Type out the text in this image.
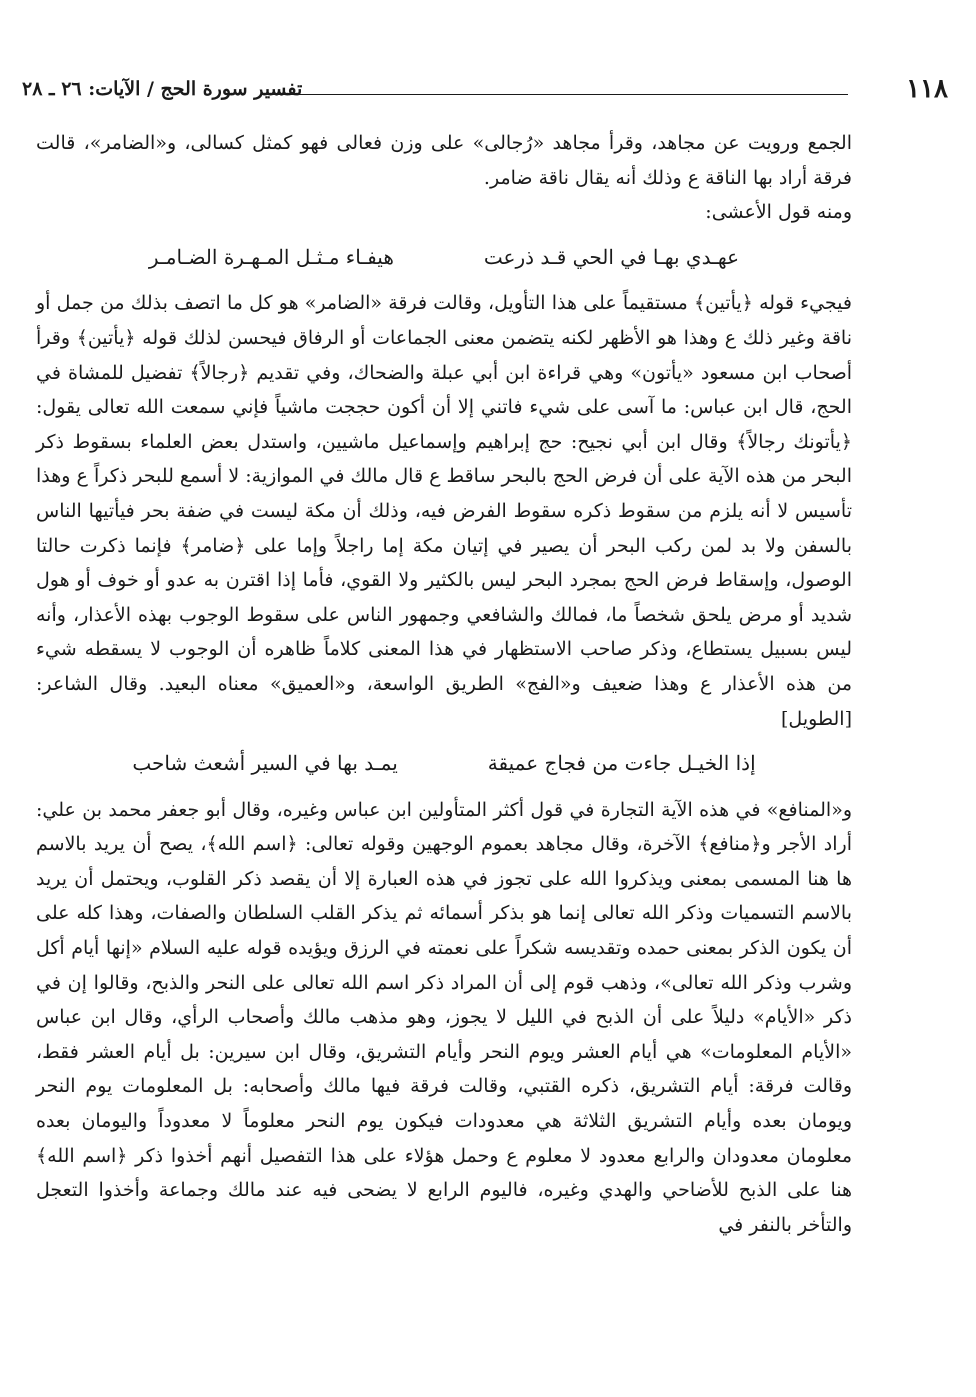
١١٨
تفسير سورة الحج / الآيات: ٢٦ ـ ٢٨

الجمع ورويت عن مجاهد، وقرأ مجاهد «رُجالى» على وزن فعالى فهو كمثل كسالى، و«الضامر»، قالت فرقة أراد بها الناقة ع وذلك أنه يقال ناقة ضامر.

ومنه قول الأعشى:

عهـدي بهـا في الحي قـد ذرعت
هيفـاء مـثـل المـهـرة الضـامـر

فيجيء قوله ﴿يأتين﴾ مستقيماً على هذا التأويل، وقالت فرقة «الضامر» هو كل ما اتصف بذلك من جمل أو ناقة وغير ذلك ع وهذا هو الأظهر لكنه يتضمن معنى الجماعات أو الرفاق فيحسن لذلك قوله ﴿يأتين﴾ وقرأ أصحاب ابن مسعود «يأتون» وهي قراءة ابن أبي عبلة والضحاك، وفي تقديم ﴿رجالاً﴾ تفضيل للمشاة في الحج، قال ابن عباس: ما آسى على شيء فاتني إلا أن أكون حججت ماشياً فإني سمعت الله تعالى يقول: ﴿يأتونك رجالاً﴾ وقال ابن أبي نجيح: حج إبراهيم وإسماعيل ماشيين، واستدل بعض العلماء بسقوط ذكر البحر من هذه الآية على أن فرض الحج بالبحر ساقط ع قال مالك في الموازية: لا أسمع للبحر ذكراً ع وهذا تأسيس لا أنه يلزم من سقوط ذكره سقوط الفرض فيه، وذلك أن مكة ليست في ضفة بحر فيأتيها الناس بالسفن ولا بد لمن ركب البحر أن يصير في إتيان مكة إما راجلاً وإما على ﴿ضامر﴾ فإنما ذكرت حالتا الوصول، وإسقاط فرض الحج بمجرد البحر ليس بالكثير ولا القوي، فأما إذا اقترن به عدو أو خوف أو هول شديد أو مرض يلحق شخصاً ما، فمالك والشافعي وجمهور الناس على سقوط الوجوب بهذه الأعذار، وأنه ليس بسبيل يستطاع، وذكر صاحب الاستظهار في هذا المعنى كلاماً ظاهره أن الوجوب لا يسقطه شيء من هذه الأعذار ع وهذا ضعيف و«الفج» الطريق الواسعة، و«العميق» معناه البعيد. وقال الشاعر: [الطويل]

إذا الخيـل جاءت من فجاج عميقة
يمـد بها في السير أشعث شاحب

و«المنافع» في هذه الآية التجارة في قول أكثر المتأولين ابن عباس وغيره، وقال أبو جعفر محمد بن علي: أراد الأجر و﴿منافع﴾ الآخرة، وقال مجاهد بعموم الوجهين وقوله تعالى: ﴿اسم الله﴾، يصح أن يريد بالاسم ها هنا المسمى بمعنى ويذكروا الله على تجوز في هذه العبارة إلا أن يقصد ذكر القلوب، ويحتمل أن يريد بالاسم التسميات وذكر الله تعالى إنما هو بذكر أسمائه ثم يذكر القلب السلطان والصفات، وهذا كله على أن يكون الذكر بمعنى حمده وتقديسه شكراً على نعمته في الرزق ويؤيده قوله عليه السلام «إنها أيام أكل وشرب وذكر الله تعالى»، وذهب قوم إلى أن المراد ذكر اسم الله تعالى على النحر والذبح، وقالوا إن في ذكر «الأيام» دليلاً على أن الذبح في الليل لا يجوز، وهو مذهب مالك وأصحاب الرأي، وقال ابن عباس «الأيام المعلومات» هي أيام العشر ويوم النحر وأيام التشريق، وقال ابن سيرين: بل أيام العشر فقط، وقالت فرقة: أيام التشريق، ذكره القتبي، وقالت فرقة فيها مالك وأصحابه: بل المعلومات يوم النحر ويومان بعده وأيام التشريق الثلاثة هي معدودات فيكون يوم النحر معلوماً لا معدوداً واليومان بعده معلومان معدودان والرابع معدود لا معلوم ع وحمل هؤلاء على هذا التفصيل أنهم أخذوا ذكر ﴿اسم الله﴾ هنا على الذبح للأضاحي والهدي وغيره، فاليوم الرابع لا يضحى فيه عند مالك وجماعة وأخذوا التعجل والتأخر بالنفر في
